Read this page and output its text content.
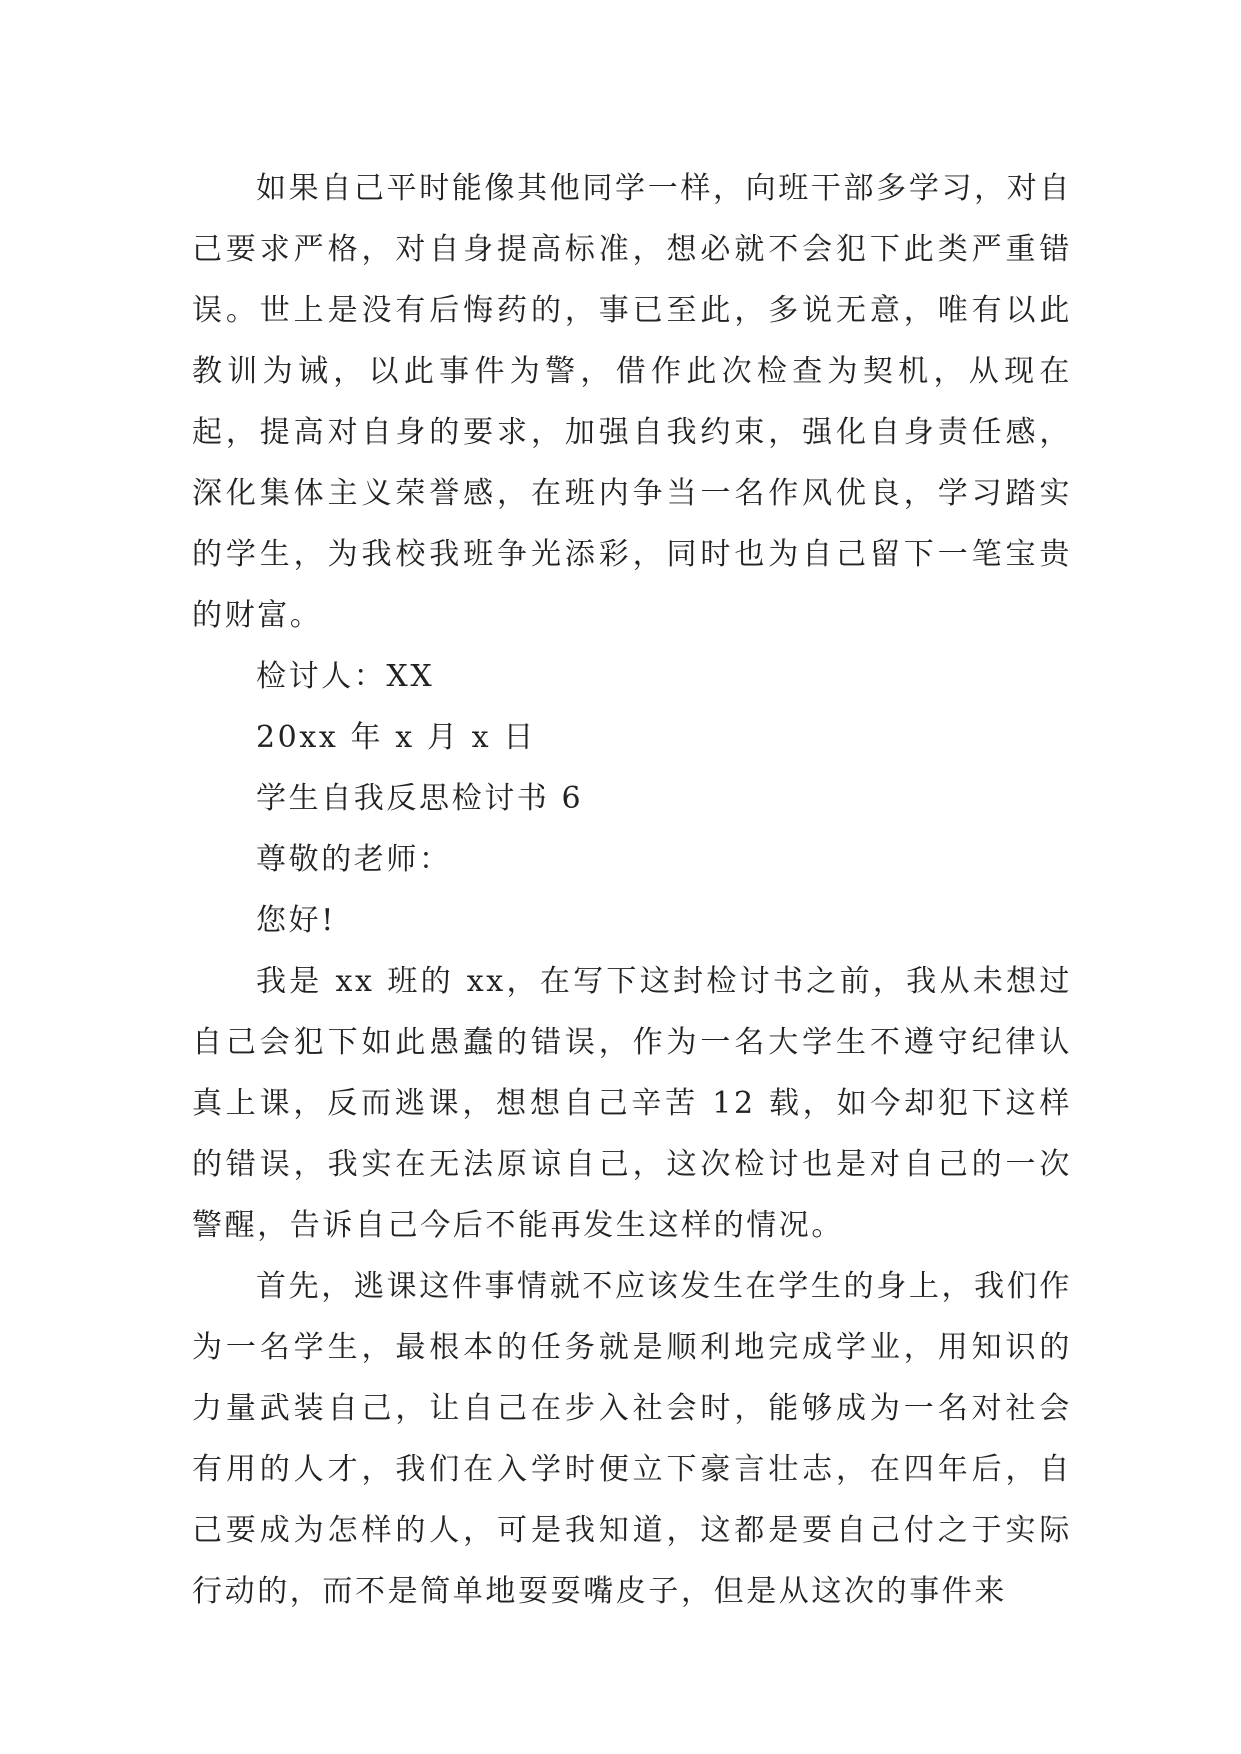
如果自己平时能像其他同学一样，向班干部多学习，对自己要求严格，对自身提高标准，想必就不会犯下此类严重错误。世上是没有后悔药的，事已至此，多说无意，唯有以此教训为诫，以此事件为警，借作此次检查为契机，从现在起，提高对自身的要求，加强自我约束，强化自身责任感，深化集体主义荣誉感，在班内争当一名作风优良，学习踏实的学生，为我校我班争光添彩，同时也为自己留下一笔宝贵的财富。

检讨人：XX

20xx 年 x 月 x 日

学生自我反思检讨书 6

尊敬的老师：

您好!

我是 xx 班的 xx，在写下这封检讨书之前，我从未想过自己会犯下如此愚蠢的错误，作为一名大学生不遵守纪律认真上课，反而逃课，想想自己辛苦 12 载，如今却犯下这样的错误，我实在无法原谅自己，这次检讨也是对自己的一次警醒，告诉自己今后不能再发生这样的情况。

首先，逃课这件事情就不应该发生在学生的身上，我们作为一名学生，最根本的任务就是顺利地完成学业，用知识的力量武装自己，让自己在步入社会时，能够成为一名对社会有用的人才，我们在入学时便立下豪言壮志，在四年后，自己要成为怎样的人，可是我知道，这都是要自己付之于实际行动的，而不是简单地耍耍嘴皮子，但是从这次的事件来
